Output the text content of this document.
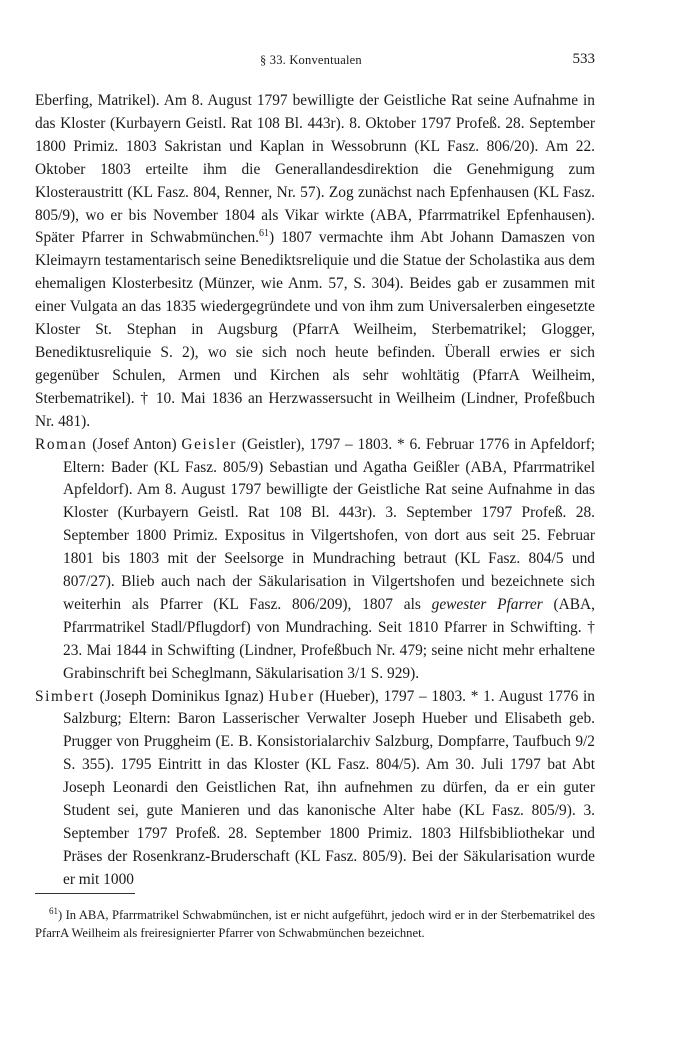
§ 33. Konventualen	533

Eberfing, Matrikel). Am 8. August 1797 bewilligte der Geistliche Rat seine Aufnahme in das Kloster (Kurbayern Geistl. Rat 108 Bl. 443r). 8. Oktober 1797 Profeß. 28. September 1800 Primiz. 1803 Sakristan und Kaplan in Wessobrunn (KL Fasz. 806/20). Am 22. Oktober 1803 erteilte ihm die Generallandesdirektion die Genehmigung zum Klosteraustritt (KL Fasz. 804, Renner, Nr. 57). Zog zunächst nach Epfenhausen (KL Fasz. 805/9), wo er bis November 1804 als Vikar wirkte (ABA, Pfarrmatrikel Epfenhausen). Später Pfarrer in Schwabmünchen.$^{61}$) 1807 vermachte ihm Abt Johann Damaszen von Kleimayrn testamentarisch seine Benediktsreliquie und die Statue der Scholastika aus dem ehemaligen Klosterbesitz (Münzer, wie Anm. 57, S. 304). Beides gab er zusammen mit einer Vulgata an das 1835 wiedergegründete und von ihm zum Universalerben eingesetzte Kloster St. Stephan in Augsburg (PfarrA Weilheim, Sterbematrikel; Glogger, Benediktusreliquie S. 2), wo sie sich noch heute befinden. Überall erwies er sich gegenüber Schulen, Armen und Kirchen als sehr wohltätig (PfarrA Weilheim, Sterbematrikel). † 10. Mai 1836 an Herzwassersucht in Weilheim (Lindner, Profeßbuch Nr. 481).

Roman (Josef Anton) Geisler (Geistler), 1797 – 1803. * 6. Februar 1776 in Apfeldorf; Eltern: Bader (KL Fasz. 805/9) Sebastian und Agatha Geißler (ABA, Pfarrmatrikel Apfeldorf). Am 8. August 1797 bewilligte der Geistliche Rat seine Aufnahme in das Kloster (Kurbayern Geistl. Rat 108 Bl. 443r). 3. September 1797 Profeß. 28. September 1800 Primiz. Expositus in Vilgertshofen, von dort aus seit 25. Februar 1801 bis 1803 mit der Seelsorge in Mundraching betraut (KL Fasz. 804/5 und 807/27). Blieb auch nach der Säkularisation in Vilgertshofen und bezeichnete sich weiterhin als Pfarrer (KL Fasz. 806/209), 1807 als gewester Pfarrer (ABA, Pfarrmatrikel Stadl/Pflugdorf) von Mundraching. Seit 1810 Pfarrer in Schwifting. † 23. Mai 1844 in Schwifting (Lindner, Profeßbuch Nr. 479; seine nicht mehr erhaltene Grabinschrift bei Scheglmann, Säkularisation 3/1 S. 929).

Simbert (Joseph Dominikus Ignaz) Huber (Hueber), 1797 – 1803. * 1. August 1776 in Salzburg; Eltern: Baron Lasserischer Verwalter Joseph Hueber und Elisabeth geb. Prugger von Pruggheim (E. B. Konsistorialarchiv Salzburg, Dompfarre, Taufbuch 9/2 S. 355). 1795 Eintritt in das Kloster (KL Fasz. 804/5). Am 30. Juli 1797 bat Abt Joseph Leonardi den Geistlichen Rat, ihn aufnehmen zu dürfen, da er ein guter Student sei, gute Manieren und das kanonische Alter habe (KL Fasz. 805/9). 3. September 1797 Profeß. 28. September 1800 Primiz. 1803 Hilfsbibliothekar und Präses der Rosenkranz-Bruderschaft (KL Fasz. 805/9). Bei der Säkularisation wurde er mit 1000

$^{61}$) In ABA, Pfarrmatrikel Schwabmünchen, ist er nicht aufgeführt, jedoch wird er in der Sterbematrikel des PfarrA Weilheim als freiresignierter Pfarrer von Schwabmünchen bezeichnet.
